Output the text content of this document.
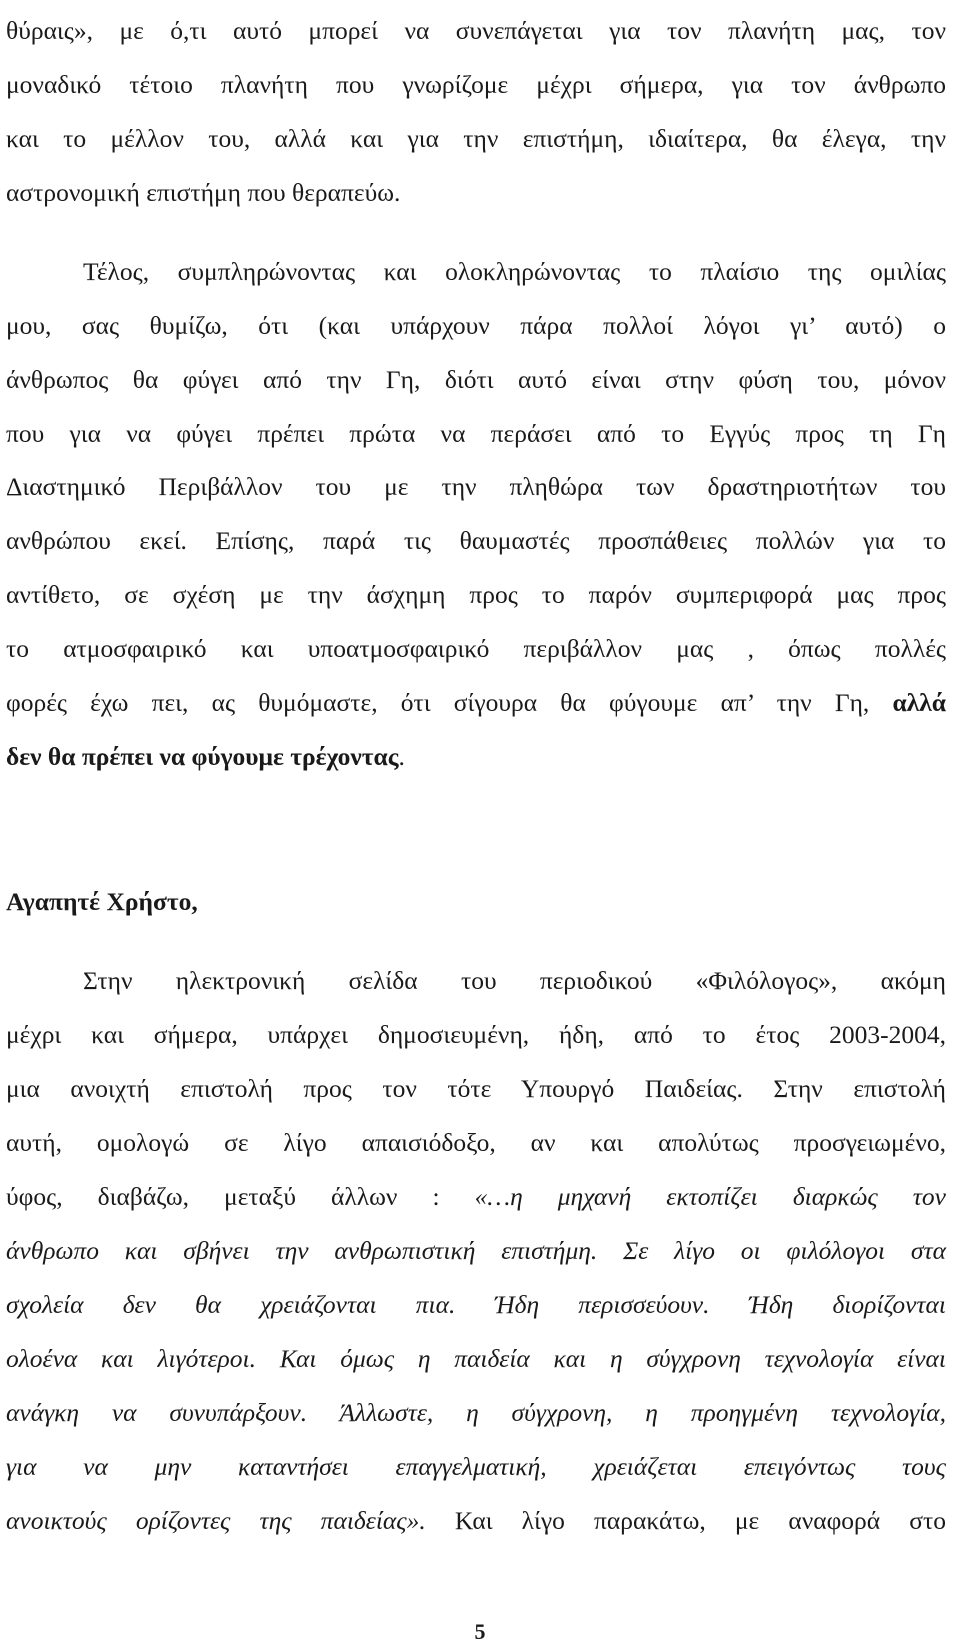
θύραις», με ό,τι αυτό μπορεί να συνεπάγεται για τον πλανήτη μας, τον
μοναδικό τέτοιο πλανήτη που γνωρίζομε μέχρι σήμερα, για τον άνθρωπο
και το μέλλον του, αλλά και για την επιστήμη, ιδιαίτερα, θα έλεγα, την
αστρονομική επιστήμη που θεραπεύω.
Τέλος, συμπληρώνοντας και ολοκληρώνοντας το πλαίσιο της ομιλίας
μου, σας θυμίζω, ότι (και υπάρχουν πάρα πολλοί λόγοι γι’ αυτό) ο
άνθρωπος θα φύγει από την Γη, διότι αυτό είναι στην φύση του, μόνον
που για να φύγει πρέπει πρώτα να περάσει από το Εγγύς προς τη Γη
Διαστημικό Περιβάλλον του με την πληθώρα των δραστηριοτήτων του
ανθρώπου εκεί. Επίσης, παρά τις θαυμαστές προσπάθειες πολλών για το
αντίθετο, σε σχέση με την άσχημη προς το παρόν συμπεριφορά μας προς
το ατμοσφαιρικό και υποατμοσφαιρικό περιβάλλον μας , όπως πολλές
φορές έχω πει, ας θυμόμαστε, ότι σίγουρα θα φύγουμε απ’ την Γη, αλλά
δεν θα πρέπει να φύγουμε τρέχοντας.
Αγαπητέ Χρήστο,
Στην ηλεκτρονική σελίδα του περιοδικού «Φιλόλογος», ακόμη
μέχρι και σήμερα, υπάρχει δημοσιευμένη, ήδη, από το έτος 2003-2004,
μια ανοιχτή επιστολή προς τον τότε Υπουργό Παιδείας. Στην επιστολή
αυτή, ομολογώ σε λίγο απαισιόδοξο, αν και απολύτως προσγειωμένο,
ύφος, διαβάζω, μεταξύ άλλων : «…η μηχανή εκτοπίζει διαρκώς τον
άνθρωπο και σβήνει την ανθρωπιστική επιστήμη. Σε λίγο οι φιλόλογοι στα
σχολεία δεν θα χρειάζονται πια. Ήδη περισσεύουν. Ήδη διορίζονται
ολοένα και λιγότεροι. Και όμως η παιδεία και η σύγχρονη τεχνολογία είναι
ανάγκη να συνυπάρξουν. Άλλωστε, η σύγχρονη, η προηγμένη τεχνολογία,
για να μην καταντήσει επαγγελματική, χρειάζεται επειγόντως τους
ανοικτούς ορίζοντες της παιδείας». Και λίγο παρακάτω, με αναφορά στο
5
